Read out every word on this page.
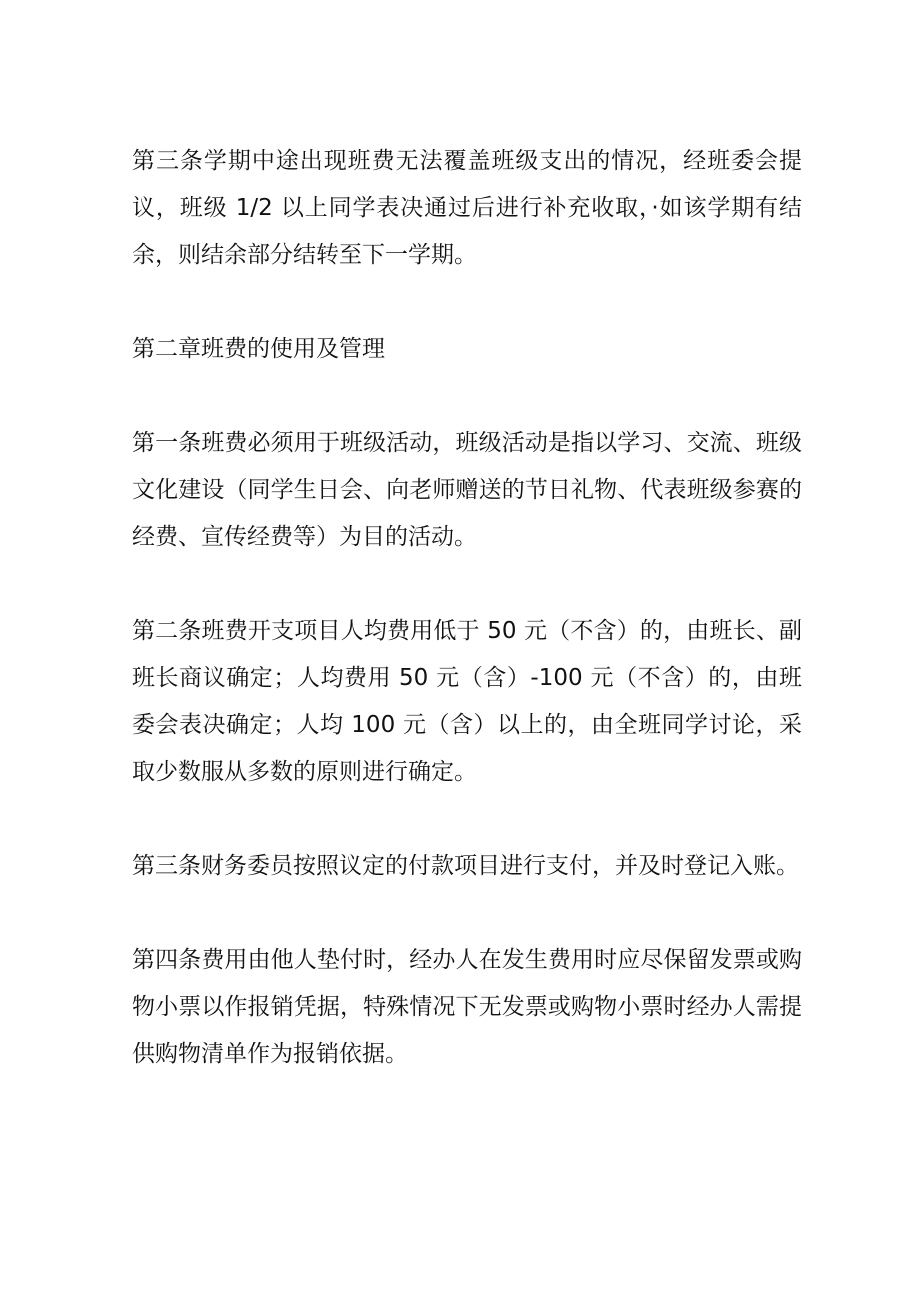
第三条学期中途出现班费无法覆盖班级支出的情况，经班委会提议，班级 1/2 以上同学表决通过后进行补充收取，·如该学期有结余，则结余部分结转至下一学期。

第二章班费的使用及管理

第一条班费必须用于班级活动，班级活动是指以学习、交流、班级文化建设（同学生日会、向老师赠送的节日礼物、代表班级参赛的经费、宣传经费等）为目的活动。

第二条班费开支项目人均费用低于 50 元（不含）的，由班长、副班长商议确定；人均费用 50 元（含）-100 元（不含）的，由班委会表决确定；人均 100 元（含）以上的，由全班同学讨论，采取少数服从多数的原则进行确定。

第三条财务委员按照议定的付款项目进行支付，并及时登记入账。

第四条费用由他人垫付时，经办人在发生费用时应尽保留发票或购物小票以作报销凭据，特殊情况下无发票或购物小票时经办人需提供购物清单作为报销依据。
